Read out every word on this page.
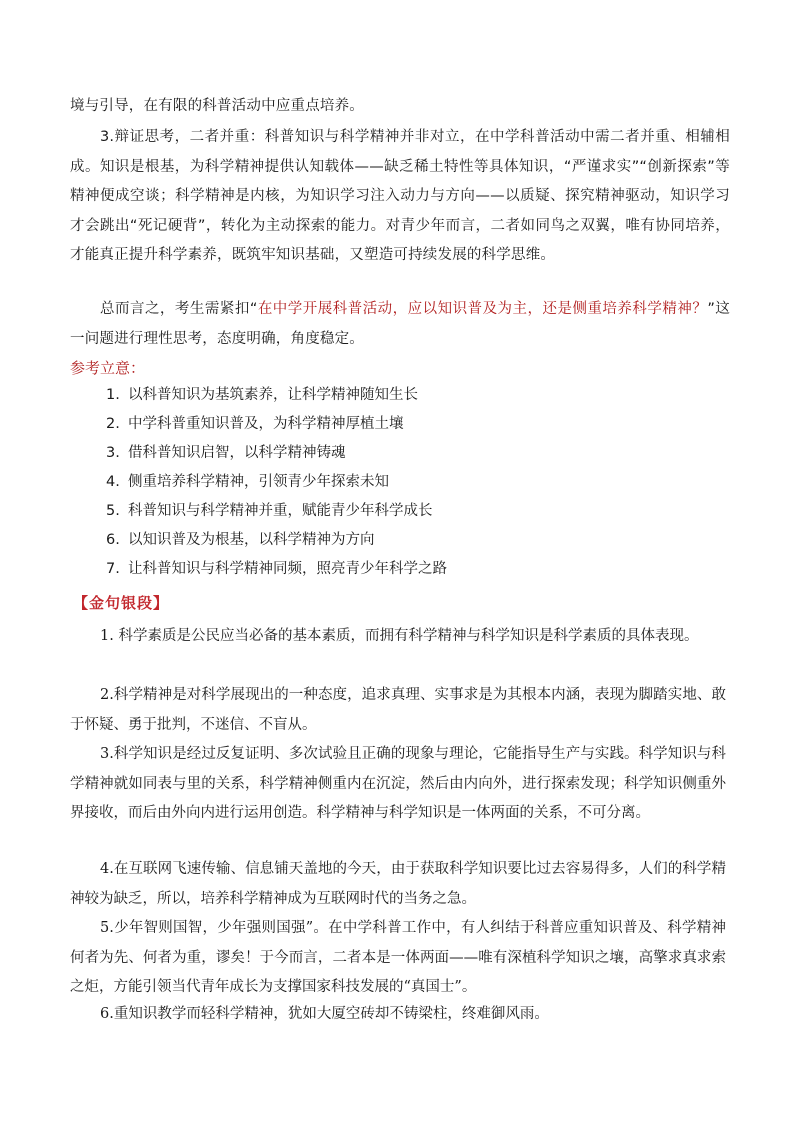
境与引导，在有限的科普活动中应重点培养。
3.辩证思考，二者并重：科普知识与科学精神并非对立，在中学科普活动中需二者并重、相辅相成。知识是根基，为科学精神提供认知载体——缺乏稀土特性等具体知识，“严谨求实”“创新探索”等精神便成空谈；科学精神是内核，为知识学习注入动力与方向——以质疑、探究精神驱动，知识学习才会跳出“死记硬背”，转化为主动探索的能力。对青少年而言，二者如同鸟之双翼，唯有协同培养，才能真正提升科学素养，既筑牢知识基础，又塑造可持续发展的科学思维。
总而言之，考生需紧扣“在中学开展科普活动，应以知识普及为主，还是侧重培养科学精神？”这一问题进行理性思考，态度明确，角度稳定。
参考立意：
1. 以科普知识为基筑素养，让科学精神随知生长
2. 中学科普重知识普及，为科学精神厚植土壤
3. 借科普知识启智，以科学精神铸魂
4. 侧重培养科学精神，引领青少年探索未知
5. 科普知识与科学精神并重，赋能青少年科学成长
6. 以知识普及为根基，以科学精神为方向
7. 让科普知识与科学精神同频，照亮青少年科学之路
【金句银段】
1. 科学素质是公民应当必备的基本素质，而拥有科学精神与科学知识是科学素质的具体表现。
2.科学精神是对科学展现出的一种态度，追求真理、实事求是为其根本内涵，表现为脚踏实地、敢于怀疑、勇于批判，不迷信、不盲从。
3.科学知识是经过反复证明、多次试验且正确的现象与理论，它能指导生产与实践。科学知识与科学精神就如同表与里的关系，科学精神侧重内在沉淀，然后由内向外，进行探索发现；科学知识侧重外界接收，而后由外向内进行运用创造。科学精神与科学知识是一体两面的关系，不可分离。
4.在互联网飞速传输、信息铺天盖地的今天，由于获取科学知识要比过去容易得多，人们的科学精神较为缺乏，所以，培养科学精神成为互联网时代的当务之急。
5.少年智则国智，少年强则国强”。在中学科普工作中，有人纠结于科普应重知识普及、科学精神何者为先、何者为重，谬矣！于今而言，二者本是一体两面——唯有深植科学知识之壤，高擎求真求索之炬，方能引领当代青年成长为支撑国家科技发展的“真国士”。
6.重知识教学而轻科学精神，犹如大厦空砖却不铸梁柱，终难御风雨。
